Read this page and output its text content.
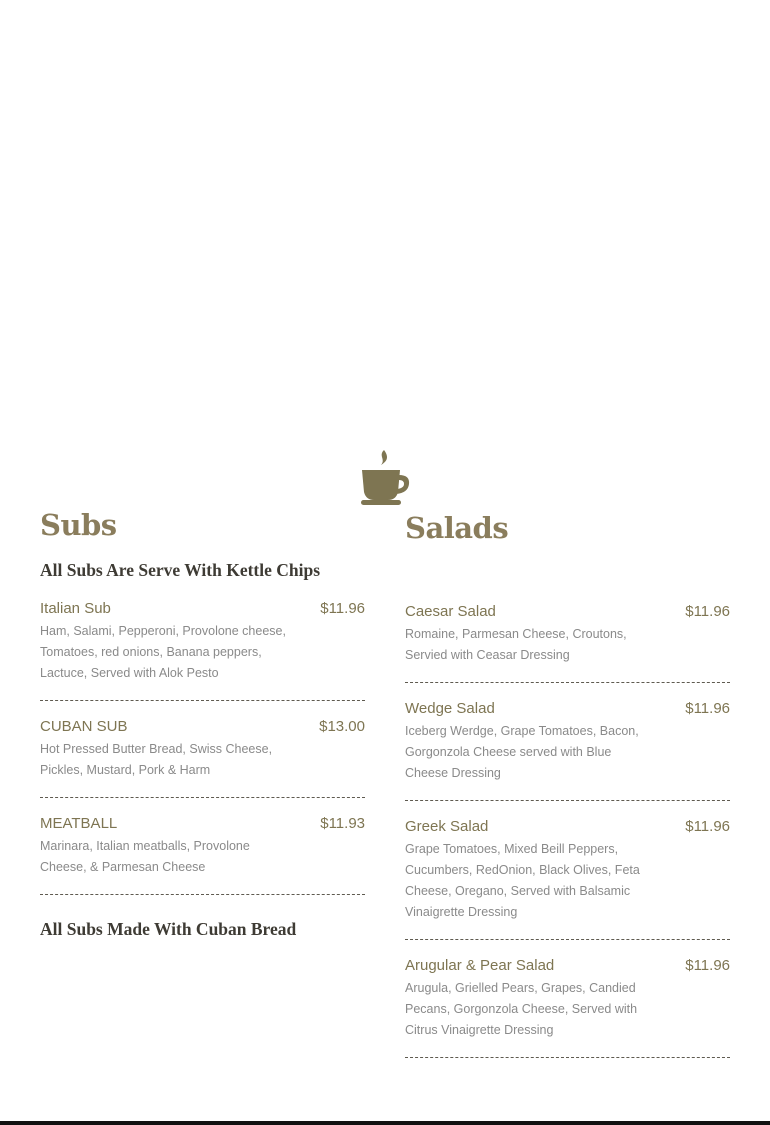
Subs
All Subs Are Serve With Kettle Chips
Italian Sub	$11.96
Ham, Salami, Pepperoni, Provolone cheese, Tomatoes, red onions, Banana peppers, Lactuce, Served with Alok Pesto
CUBAN SUB	$13.00
Hot Pressed Butter Bread, Swiss Cheese, Pickles, Mustard, Pork & Harm
MEATBALL	$11.93
Marinara, Italian meatballs, Provolone Cheese, & Parmesan Cheese
All Subs Made With Cuban Bread
Salads
Caesar Salad	$11.96
Romaine, Parmesan Cheese, Croutons, Servied with Ceasar Dressing
Wedge Salad	$11.96
Iceberg Werdge, Grape Tomatoes, Bacon, Gorgonzola Cheese served with Blue Cheese Dressing
Greek Salad	$11.96
Grape Tomatoes, Mixed Beill Peppers, Cucumbers, RedOnion, Black Olives, Feta Cheese, Oregano, Served with Balsamic Vinaigrette Dressing
Arugular & Pear Salad	$11.96
Arugula, Grielled Pears, Grapes, Candied Pecans, Gorgonzola Cheese, Served with Citrus Vinaigrette Dressing
